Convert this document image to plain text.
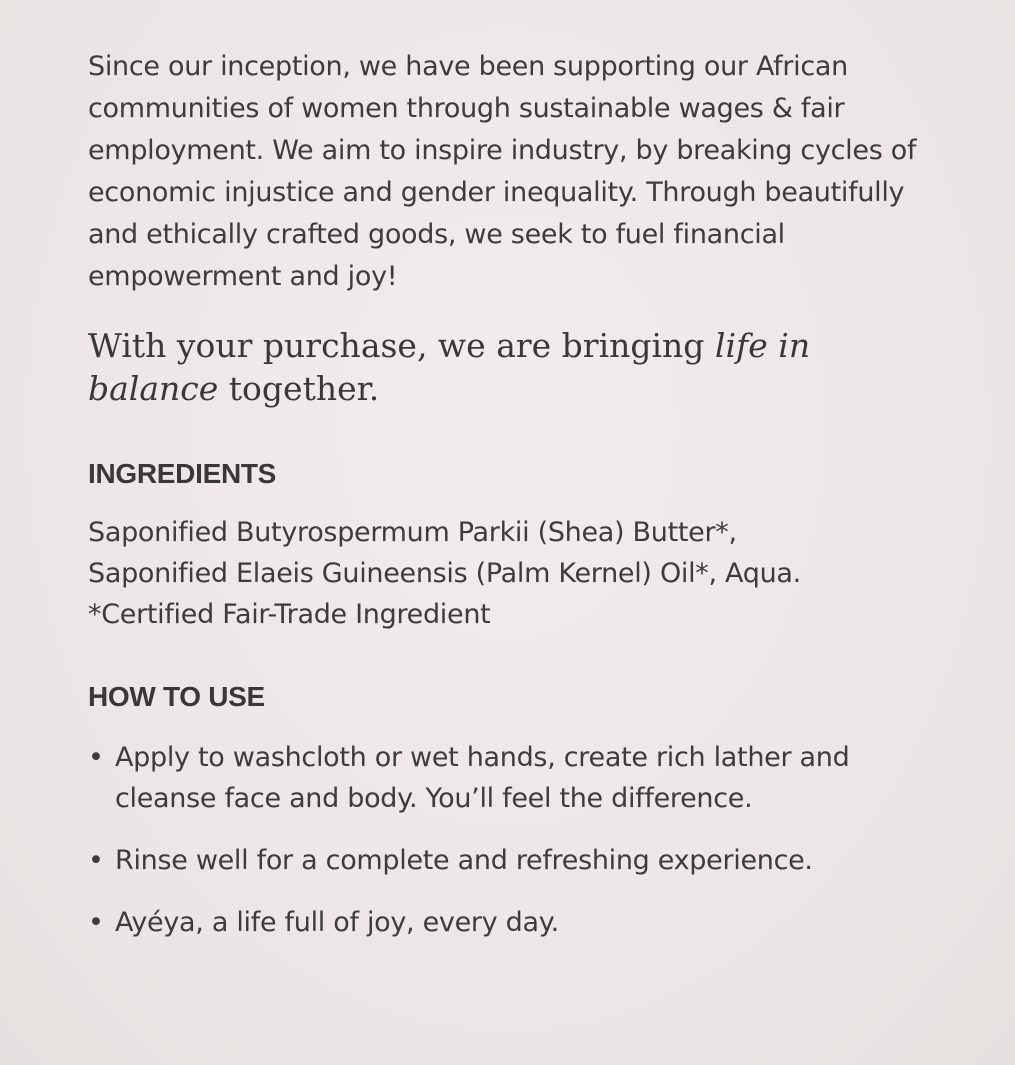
Since our inception, we have been supporting our African communities of women through sustainable wages & fair employment. We aim to inspire industry, by breaking cycles of economic injustice and gender inequality. Through beautifully and ethically crafted goods, we seek to fuel financial empowerment and joy!

With your purchase, we are bringing life in balance together.

INGREDIENTS

Saponified Butyrospermum Parkii (Shea) Butter*,
Saponified Elaeis Guineensis (Palm Kernel) Oil*, Aqua.
*Certified Fair-Trade Ingredient

HOW TO USE
• Apply to washcloth or wet hands, create rich lather and cleanse face and body. You’ll feel the difference.
• Rinse well for a complete and refreshing experience.
• Ayéya, a life full of joy, every day.
